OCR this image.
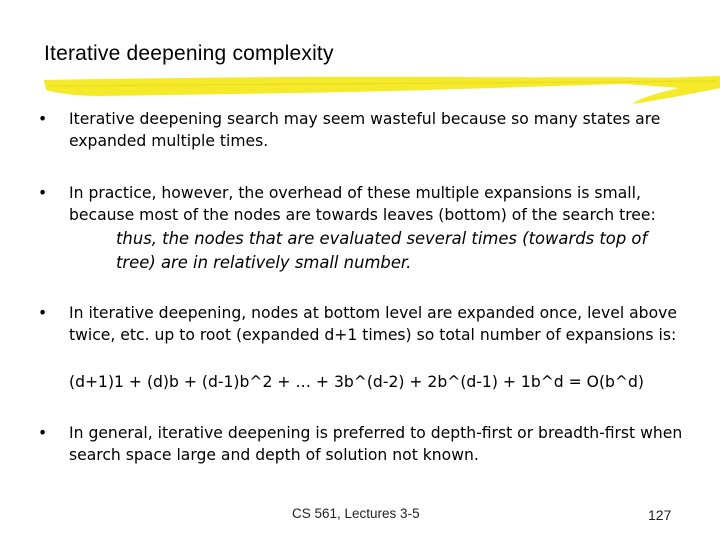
Iterative deepening complexity
•	Iterative deepening search may seem wasteful because so many states are expanded multiple times.
•	In practice, however, the overhead of these multiple expansions is small, because most of the nodes are towards leaves (bottom) of the search tree:
thus, the nodes that are evaluated several times (towards top of tree) are in relatively small number.
•	In iterative deepening, nodes at bottom level are expanded once, level above twice, etc. up to root (expanded d+1 times) so total number of expansions is:
(d+1)1 + (d)b + (d-1)b^2 + … + 3b^(d-2) + 2b^(d-1) + 1b^d = O(b^d)
•	In general, iterative deepening is preferred to depth-first or breadth-first when search space large and depth of solution not known.
CS 561, Lectures 3-5	127
